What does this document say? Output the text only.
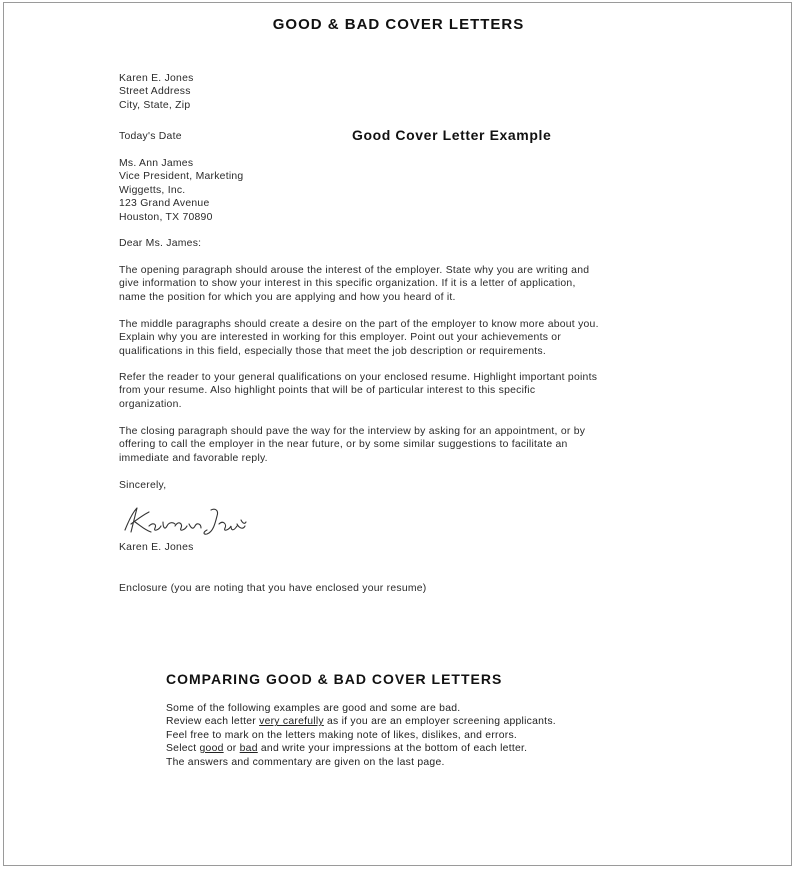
GOOD & BAD COVER LETTERS
Karen E. Jones
Street Address
City, State, Zip
Today's Date	Good Cover Letter Example
Ms. Ann James
Vice President, Marketing
Wiggetts, Inc.
123 Grand Avenue
Houston, TX 70890
Dear Ms. James:
The opening paragraph should arouse the interest of the employer. State why you are writing and
give information to show your interest in this specific organization. If it is a letter of application,
name the position for which you are applying and how you heard of it.
The middle paragraphs should create a desire on the part of the employer to know more about you.
Explain why you are interested in working for this employer. Point out your achievements or
qualifications in this field, especially those that meet the job description or requirements.
Refer the reader to your general qualifications on your enclosed resume. Highlight important points
from your resume. Also highlight points that will be of particular interest to this specific
organization.
The closing paragraph should pave the way for the interview by asking for an appointment, or by
offering to call the employer in the near future, or by some similar suggestions to facilitate an
immediate and favorable reply.
Sincerely,
Karen E. Jones
Enclosure (you are noting that you have enclosed your resume)
COMPARING GOOD & BAD COVER LETTERS
Some of the following examples are good and some are bad.
Review each letter very carefully as if you are an employer screening applicants.
Feel free to mark on the letters making note of likes, dislikes, and errors.
Select good or bad and write your impressions at the bottom of each letter.
The answers and commentary are given on the last page.
